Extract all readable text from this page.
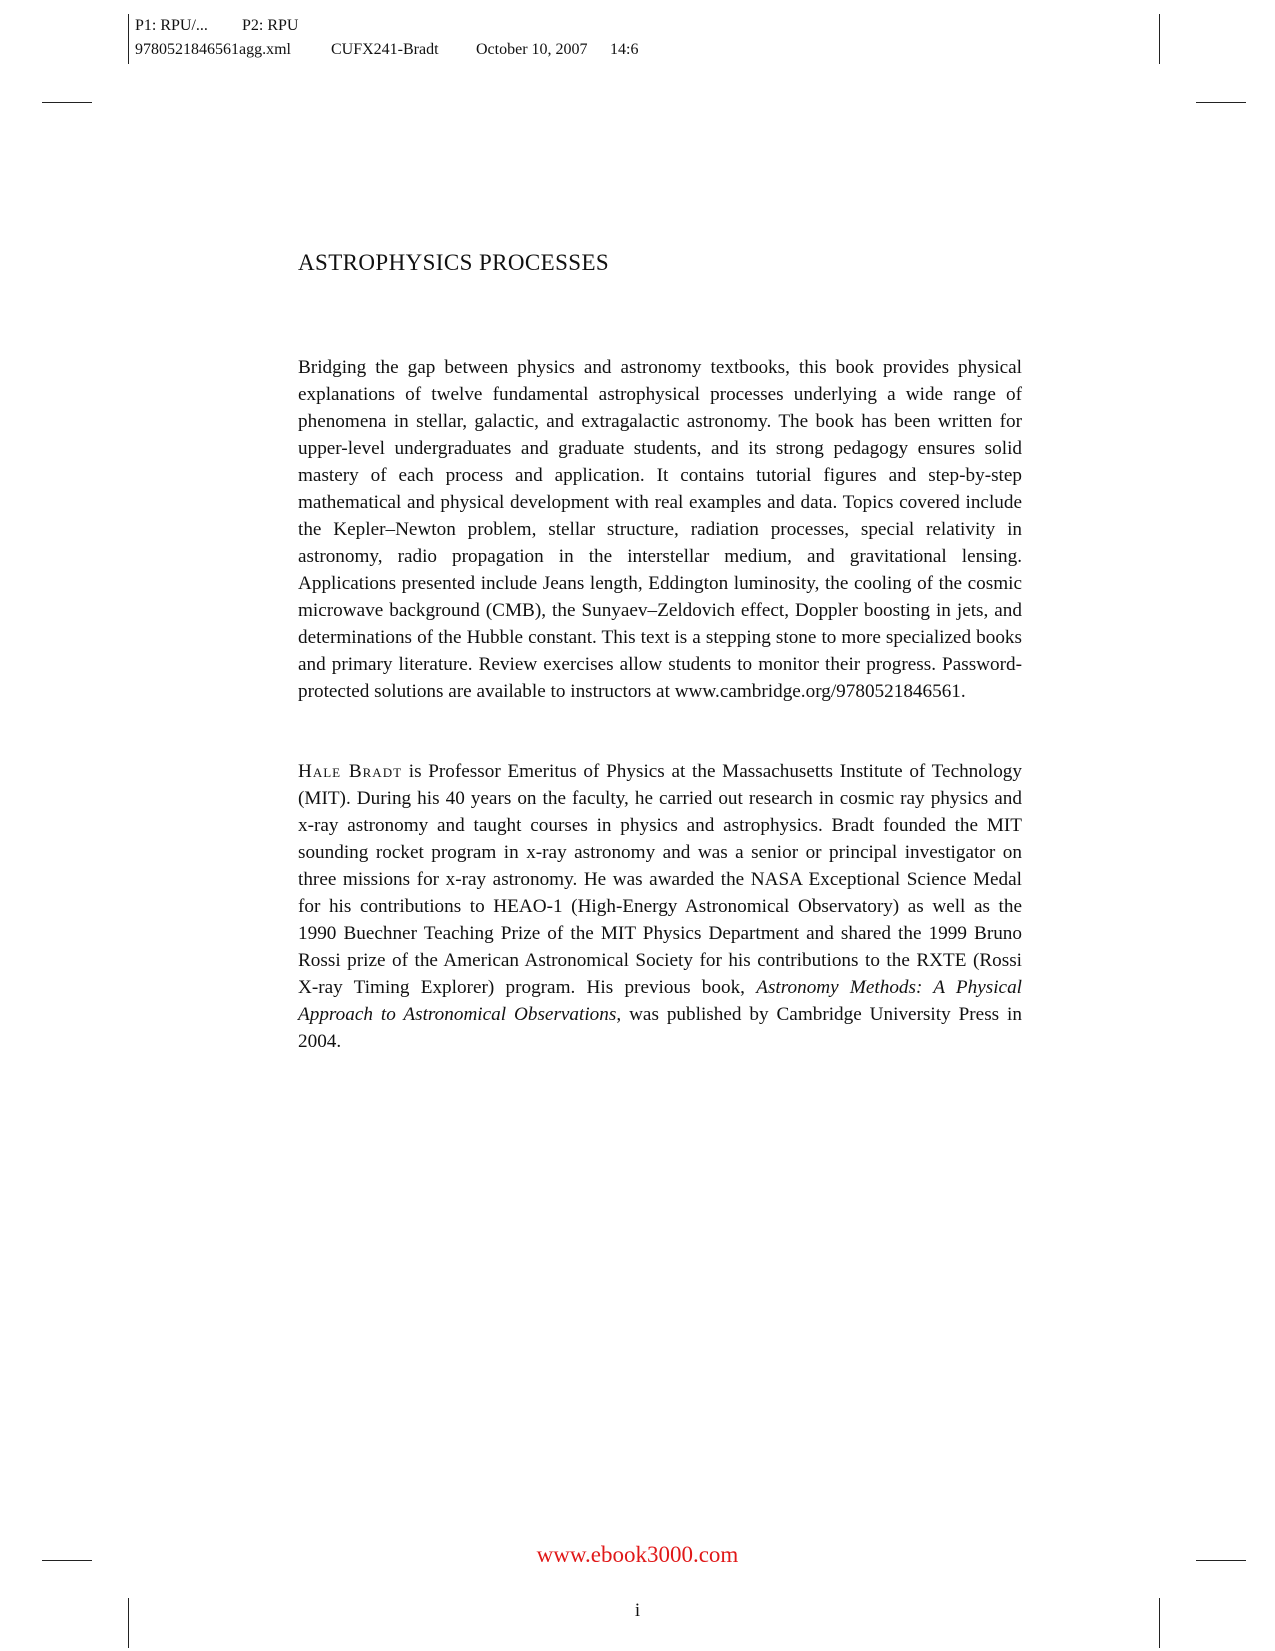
P1: RPU/... P2: RPU
9780521846561agg.xml	CUFX241-Bradt October 10, 2007 14:6
ASTROPHYSICS PROCESSES
Bridging the gap between physics and astronomy textbooks, this book provides physical explanations of twelve fundamental astrophysical processes underlying a wide range of phenomena in stellar, galactic, and extragalactic astronomy. The book has been written for upper-level undergraduates and graduate students, and its strong pedagogy ensures solid mastery of each process and application. It contains tutorial figures and step-by-step mathematical and physical development with real examples and data. Topics covered include the Kepler–Newton problem, stellar structure, radiation processes, special relativity in astronomy, radio propagation in the interstellar medium, and gravitational lensing. Applications presented include Jeans length, Eddington luminosity, the cooling of the cosmic microwave background (CMB), the Sunyaev–Zeldovich effect, Doppler boosting in jets, and determinations of the Hubble constant. This text is a stepping stone to more specialized books and primary literature. Review exercises allow students to monitor their progress. Password-protected solutions are available to instructors at www.cambridge.org/9780521846561.
Hale Bradt is Professor Emeritus of Physics at the Massachusetts Institute of Technology (MIT). During his 40 years on the faculty, he carried out research in cosmic ray physics and x-ray astronomy and taught courses in physics and astrophysics. Bradt founded the MIT sounding rocket program in x-ray astronomy and was a senior or principal investigator on three missions for x-ray astronomy. He was awarded the NASA Exceptional Science Medal for his contributions to HEAO-1 (High-Energy Astronomical Observatory) as well as the 1990 Buechner Teaching Prize of the MIT Physics Department and shared the 1999 Bruno Rossi prize of the American Astronomical Society for his contributions to the RXTE (Rossi X-ray Timing Explorer) program. His previous book, Astronomy Methods: A Physical Approach to Astronomical Observations, was published by Cambridge University Press in 2004.
www.ebook3000.com
i
